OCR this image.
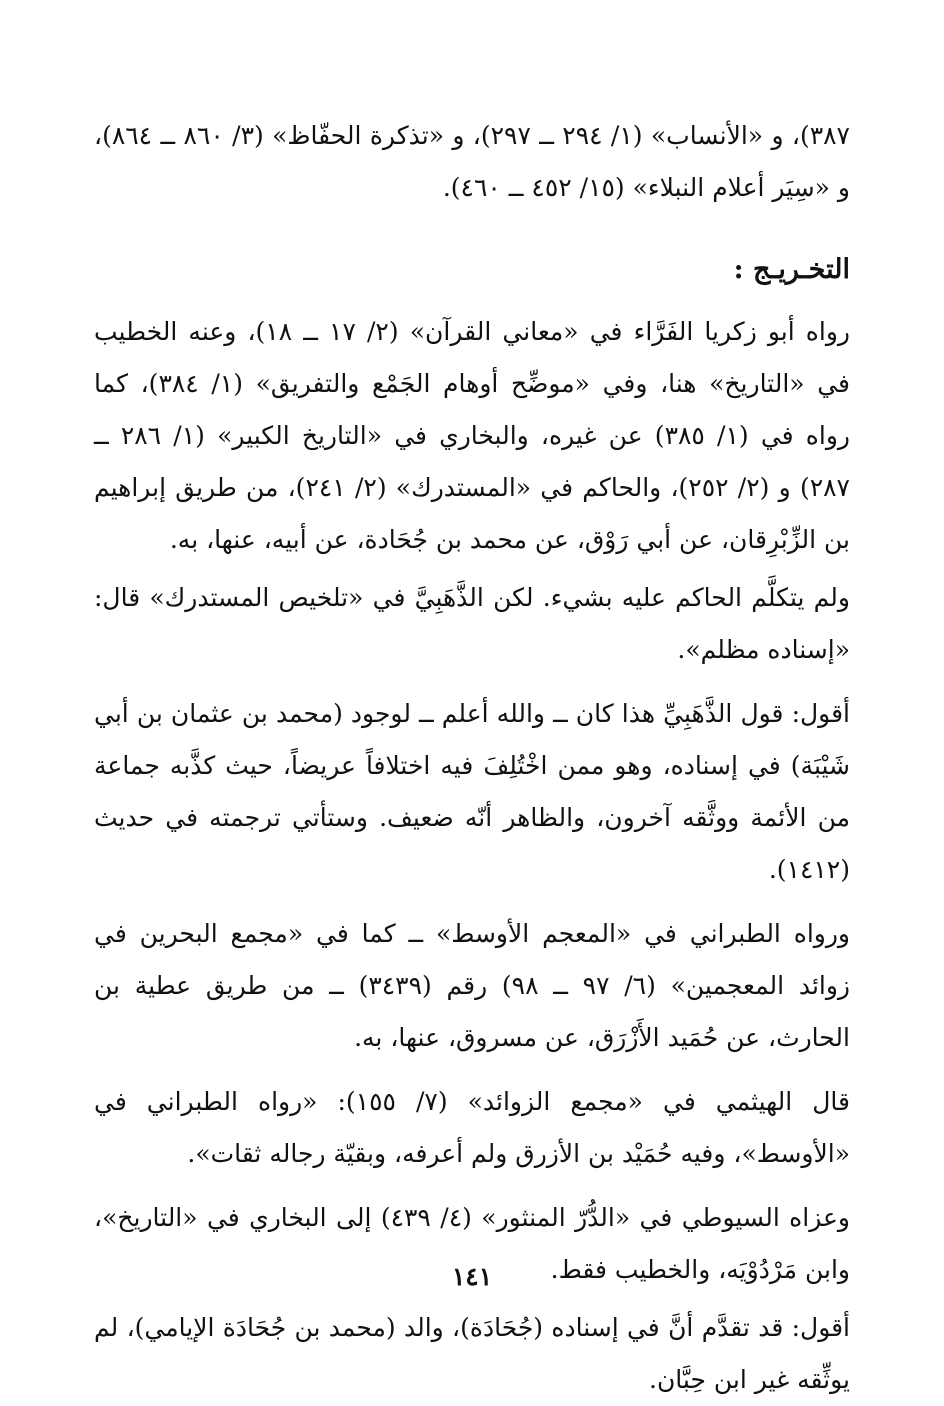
٣٨٧)، و «الأنساب» (١/ ٢٩٤ ــ ٢٩٧)، و «تذكرة الحفّاظ» (٣/ ٨٦٠ ــ ٨٦٤)، و «سِيَر أعلام النبلاء» (١٥/ ٤٥٢ ــ ٤٦٠).

التخـريـج :

رواه أبو زكريا الفَرَّاء في «معاني القرآن» (٢/ ١٧ ــ ١٨)، وعنه الخطيب في «التاريخ» هنا، وفي «موضِّح أوهام الجَمْع والتفريق» (١/ ٣٨٤)، كما رواه في (١/ ٣٨٥) عن غيره، والبخاري في «التاريخ الكبير» (١/ ٢٨٦ ــ ٢٨٧) و (٢/ ٢٥٢)، والحاكم في «المستدرك» (٢/ ٢٤١)، من طريق إبراهيم بن الزِّبْرِقان، عن أبي رَوْق، عن محمد بن جُحَادة، عن أبيه، عنها، به.

ولم يتكلَّم الحاكم عليه بشيء. لكن الذَّهَبِيَّ في «تلخيص المستدرك» قال: «إسناده مظلم».

أقول: قول الذَّهَبِيِّ هذا كان ــ والله أعلم ــ لوجود (محمد بن عثمان بن أبي شَيْبَة) في إسناده، وهو ممن اخْتُلِفَ فيه اختلافاً عريضاً، حيث كذَّبه جماعة من الأئمة ووثَّقه آخرون، والظاهر أنّه ضعيف. وستأتي ترجمته في حديث (١٤١٢).

ورواه الطبراني في «المعجم الأوسط» ــ كما في «مجمع البحرين في زوائد المعجمين» (٦/ ٩٧ ــ ٩٨) رقم (٣٤٣٩) ــ من طريق عطية بن الحارث، عن حُمَيد الأَزْرَق، عن مسروق، عنها، به.

قال الهيثمي في «مجمع الزوائد» (٧/ ١٥٥): «رواه الطبراني في «الأوسط»، وفيه حُمَيْد بن الأزرق ولم أعرفه، وبقيّة رجاله ثقات».

وعزاه السيوطي في «الدُّرّ المنثور» (٤/ ٤٣٩) إلى البخاري في «التاريخ»، وابن مَرْدُوْيَه، والخطيب فقط.

أقول: قد تقدَّم أنَّ في إسناده (جُحَادَة)، والد (محمد بن جُحَادَة الإيامي)، لم يوثِّقه غير ابن حِبَّان.

١٤١
